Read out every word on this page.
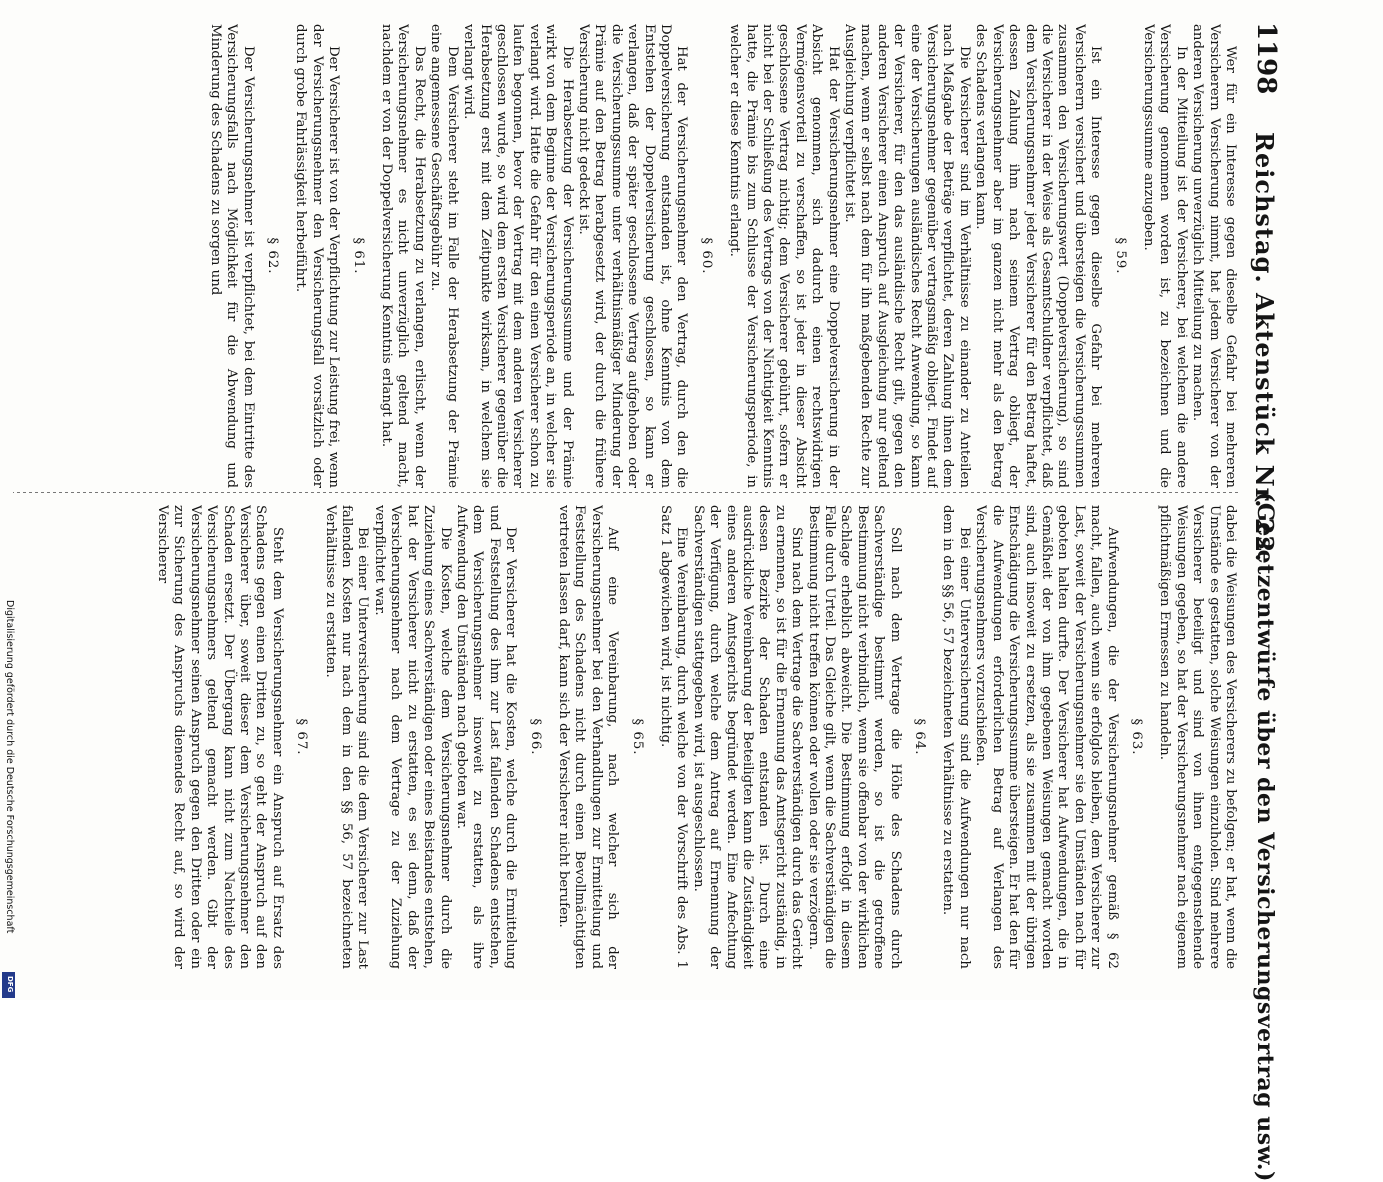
1198
Reichstag. Aktenstück Nr. 22.
(Gesetzentwürfe über den Versicherungsvertrag usw.)

Wer für ein Interesse gegen dieselbe Gefahr bei mehreren Versicherern Versicherung nimmt, hat jedem Versicherer von der anderen Versicherung unverzüglich Mitteilung zu machen.

In der Mitteilung ist der Versicherer, bei welchem die andere Versicherung genommen worden ist, zu bezeichnen und die Versicherungssumme anzugeben.

§ 59.

Ist ein Interesse gegen dieselbe Gefahr bei mehreren Versicherern versichert und übersteigen die Versicherungssummen zusammen den Versicherungswert (Doppelversicherung), so sind die Versicherer in der Weise als Gesamtschuldner verpflichtet, daß dem Versicherungsnehmer jeder Versicherer für den Betrag haftet, dessen Zahlung ihm nach seinem Vertrag obliegt, der Versicherungsnehmer aber im ganzen nicht mehr als den Betrag des Schadens verlangen kann.

Die Versicherer sind im Verhältnisse zu einander zu Anteilen nach Maßgabe der Beträge verpflichtet, deren Zahlung ihnen dem Versicherungsnehmer gegenüber vertragsmäßig obliegt. Findet auf eine der Versicherungen ausländisches Recht Anwendung, so kann der Versicherer, für den das ausländische Recht gilt, gegen den anderen Versicherer einen Anspruch auf Ausgleichung nur geltend machen, wenn er selbst nach dem für ihn maßgebenden Rechte zur Ausgleichung verpflichtet ist.

Hat der Versicherungsnehmer eine Doppelversicherung in der Absicht genommen, sich dadurch einen rechtswidrigen Vermögensvorteil zu verschaffen, so ist jeder in dieser Absicht geschlossene Vertrag nichtig; dem Versicherer gebührt, sofern er nicht bei der Schließung des Vertrags von der Nichtigkeit Kenntnis hatte, die Prämie bis zum Schlusse der Versicherungsperiode, in welcher er diese Kenntnis erlangt.

§ 60.

Hat der Versicherungsnehmer den Vertrag, durch den die Doppelversicherung entstanden ist, ohne Kenntnis von dem Entstehen der Doppelversicherung geschlossen, so kann er verlangen, daß der später geschlossene Vertrag aufgehoben oder die Versicherungssumme unter verhältnismäßiger Minderung der Prämie auf den Betrag herabgesetzt wird, der durch die frühere Versicherung nicht gedeckt ist.

Die Herabsetzung der Versicherungssumme und der Prämie wirkt von dem Beginne der Versicherungsperiode an, in welcher sie verlangt wird. Hatte die Gefahr für den einen Versicherer schon zu laufen begonnen, bevor der Vertrag mit dem anderen Versicherer geschlossen wurde, so wird dem ersten Versicherer gegenüber die Herabsetzung erst mit dem Zeitpunkte wirksam, in welchem sie verlangt wird.

Dem Versicherer steht im Falle der Herabsetzung der Prämie eine angemessene Geschäftsgebühr zu.

Das Recht, die Herabsetzung zu verlangen, erlischt, wenn der Versicherungsnehmer es nicht unverzüglich geltend macht, nachdem er von der Doppelversicherung Kenntnis erlangt hat.

§ 61.

Der Versicherer ist von der Verpflichtung zur Leistung frei, wenn der Versicherungsnehmer den Versicherungsfall vorsätzlich oder durch grobe Fahrlässigkeit herbeiführt.

§ 62.

Der Versicherungsnehmer ist verpflichtet, bei dem Eintritte des Versicherungsfalls nach Möglichkeit für die Abwendung und Minderung des Schadens zu sorgen und

dabei die Weisungen des Versicherers zu befolgen; er hat, wenn die Umstände es gestatten, solche Weisungen einzuholen. Sind mehrere Versicherer beteiligt und sind von ihnen entgegenstehende Weisungen gegeben, so hat der Versicherungsnehmer nach eigenem pflichtmäßigen Ermessen zu handeln.

§ 63.

Aufwendungen, die der Versicherungsnehmer gemäß § 62 macht, fallen, auch wenn sie erfolglos bleiben, dem Versicherer zur Last, soweit der Versicherungsnehmer sie den Umständen nach für geboten halten durfte. Der Versicherer hat Aufwendungen, die in Gemäßheit der von ihm gegebenen Weisungen gemacht worden sind, auch insoweit zu ersetzen, als sie zusammen mit der übrigen Entschädigung die Versicherungssumme übersteigen. Er hat den für die Aufwendungen erforderlichen Betrag auf Verlangen des Versicherungsnehmers vorzuschießen.

Bei einer Unterversicherung sind die Aufwendungen nur nach dem in den §§ 56, 57 bezeichneten Verhältnisse zu erstatten.

§ 64.

Soll nach dem Vertrage die Höhe des Schadens durch Sachverständige bestimmt werden, so ist die getroffene Bestimmung nicht verbindlich, wenn sie offenbar von der wirklichen Sachlage erheblich abweicht. Die Bestimmung erfolgt in diesem Falle durch Urteil. Das Gleiche gilt, wenn die Sachverständigen die Bestimmung nicht treffen können oder wollen oder sie verzögern.

Sind nach dem Vertrage die Sachverständigen durch das Gericht zu ernennen, so ist für die Ernennung das Amtsgericht zuständig, in dessen Bezirke der Schaden entstanden ist. Durch eine ausdrückliche Vereinbarung der Beteiligten kann die Zuständigkeit eines anderen Amtsgerichts begründet werden. Eine Anfechtung der Verfügung, durch welche dem Antrag auf Ernennung der Sachverständigen stattgegeben wird, ist ausgeschlossen.

Eine Vereinbarung, durch welche von der Vorschrift des Abs. 1 Satz 1 abgewichen wird, ist nichtig.

§ 65.

Auf eine Vereinbarung, nach welcher sich der Versicherungsnehmer bei den Verhandlungen zur Ermittelung und Feststellung des Schadens nicht durch einen Bevollmächtigten vertreten lassen darf, kann sich der Versicherer nicht berufen.

§ 66.

Der Versicherer hat die Kosten, welche durch die Ermittelung und Feststellung des ihm zur Last fallenden Schadens entstehen, dem Versicherungsnehmer insoweit zu erstatten, als ihre Aufwendung den Umständen nach geboten war.

Die Kosten, welche dem Versicherungsnehmer durch die Zuziehung eines Sachverständigen oder eines Beistandes entstehen, hat der Versicherer nicht zu erstatten, es sei denn, daß der Versicherungsnehmer nach dem Vertrage zu der Zuziehung verpflichtet war.

Bei einer Unterversicherung sind die dem Versicherer zur Last fallenden Kosten nur nach dem in den §§ 56, 57 bezeichneten Verhältnisse zu erstatten.

§ 67.

Steht dem Versicherungsnehmer ein Anspruch auf Ersatz des Schadens gegen einen Dritten zu, so geht der Anspruch auf den Versicherer über, soweit dieser dem Versicherungsnehmer den Schaden ersetzt. Der Übergang kann nicht zum Nachteile des Versicherungsnehmers geltend gemacht werden. Gibt der Versicherungsnehmer seinen Anspruch gegen den Dritten oder ein zur Sicherung des Anspruchs dienendes Recht auf, so wird der Versicherer

Digitalisierung gefördert durch die Deutsche Forschungsgemeinschaft
DFG
